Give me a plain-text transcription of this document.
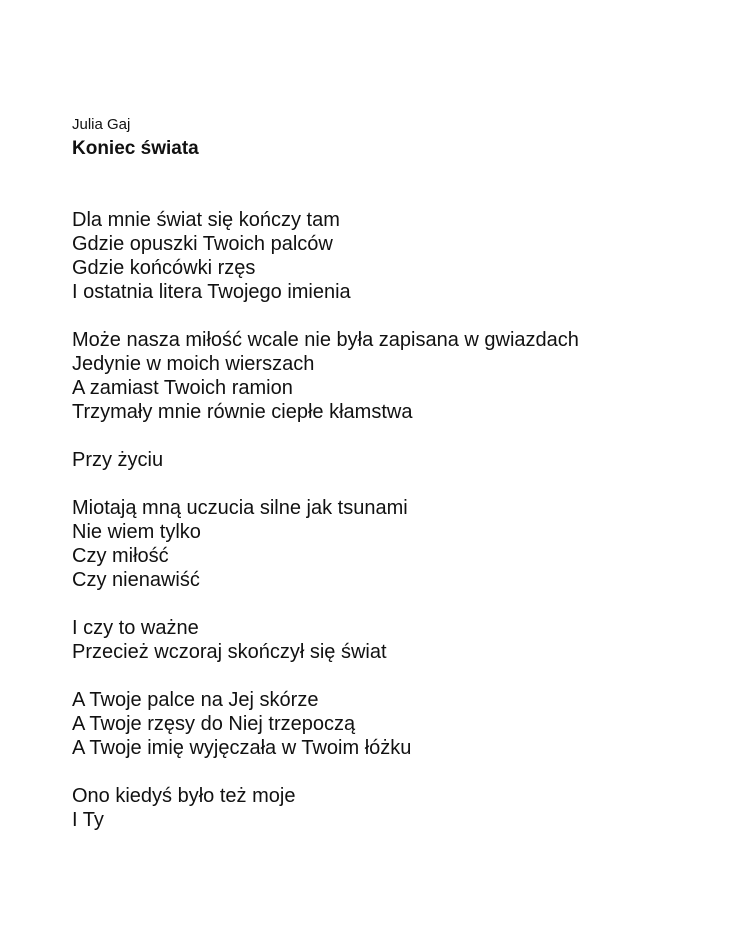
Julia Gaj

Koniec świata
Dla mnie świat się kończy tam
Gdzie opuszki Twoich palców
Gdzie końcówki rzęs
I ostatnia litera Twojego imienia
Może nasza miłość wcale nie była zapisana w gwiazdach
Jedynie w moich wierszach
A zamiast Twoich ramion
Trzymały mnie równie ciepłe kłamstwa
Przy życiu
Miotają mną uczucia silne jak tsunami
Nie wiem tylko
Czy miłość
Czy nienawiść
I czy to ważne
Przecież wczoraj skończył się świat
A Twoje palce na Jej skórze
A Twoje rzęsy do Niej trzepoczą
A Twoje imię wyjęczała w Twoim łóżku
Ono kiedyś było też moje
I Ty
